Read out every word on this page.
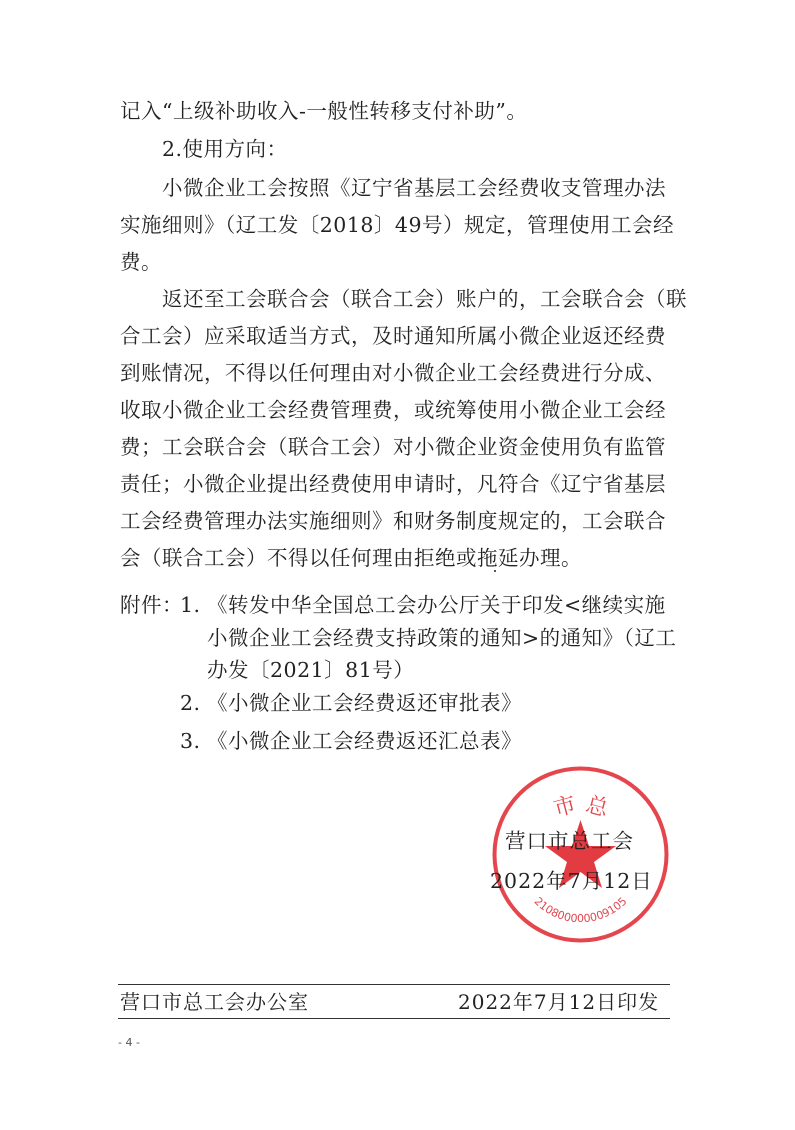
记入“上级补助收入-一般性转移支付补助”。
2.使用方向：
小微企业工会按照《辽宁省基层工会经费收支管理办法
实施细则》（辽工发〔2018〕49号）规定，管理使用工会经
费。
返还至工会联合会（联合工会）账户的，工会联合会（联
合工会）应采取适当方式，及时通知所属小微企业返还经费
到账情况，不得以任何理由对小微企业工会经费进行分成、
收取小微企业工会经费管理费，或统筹使用小微企业工会经
费；工会联合会（联合工会）对小微企业资金使用负有监管
责任；小微企业提出经费使用申请时，凡符合《辽宁省基层
工会经费管理办法实施细则》和财务制度规定的，工会联合
会（联合工会）不得以任何理由拒绝或拖延办理。
附件：
1. 《转发中华全国总工会办公厅关于印发<继续实施
小微企业工会经费支持政策的通知>的通知》（辽工
办发〔2021〕81号）
2. 《小微企业工会经费返还审批表》
3. 《小微企业工会经费返还汇总表》
市 总
210800000009105
营口市总工会
2022年7月12日
营口市总工会办公室	2022年7月12日印发
- 4 -
